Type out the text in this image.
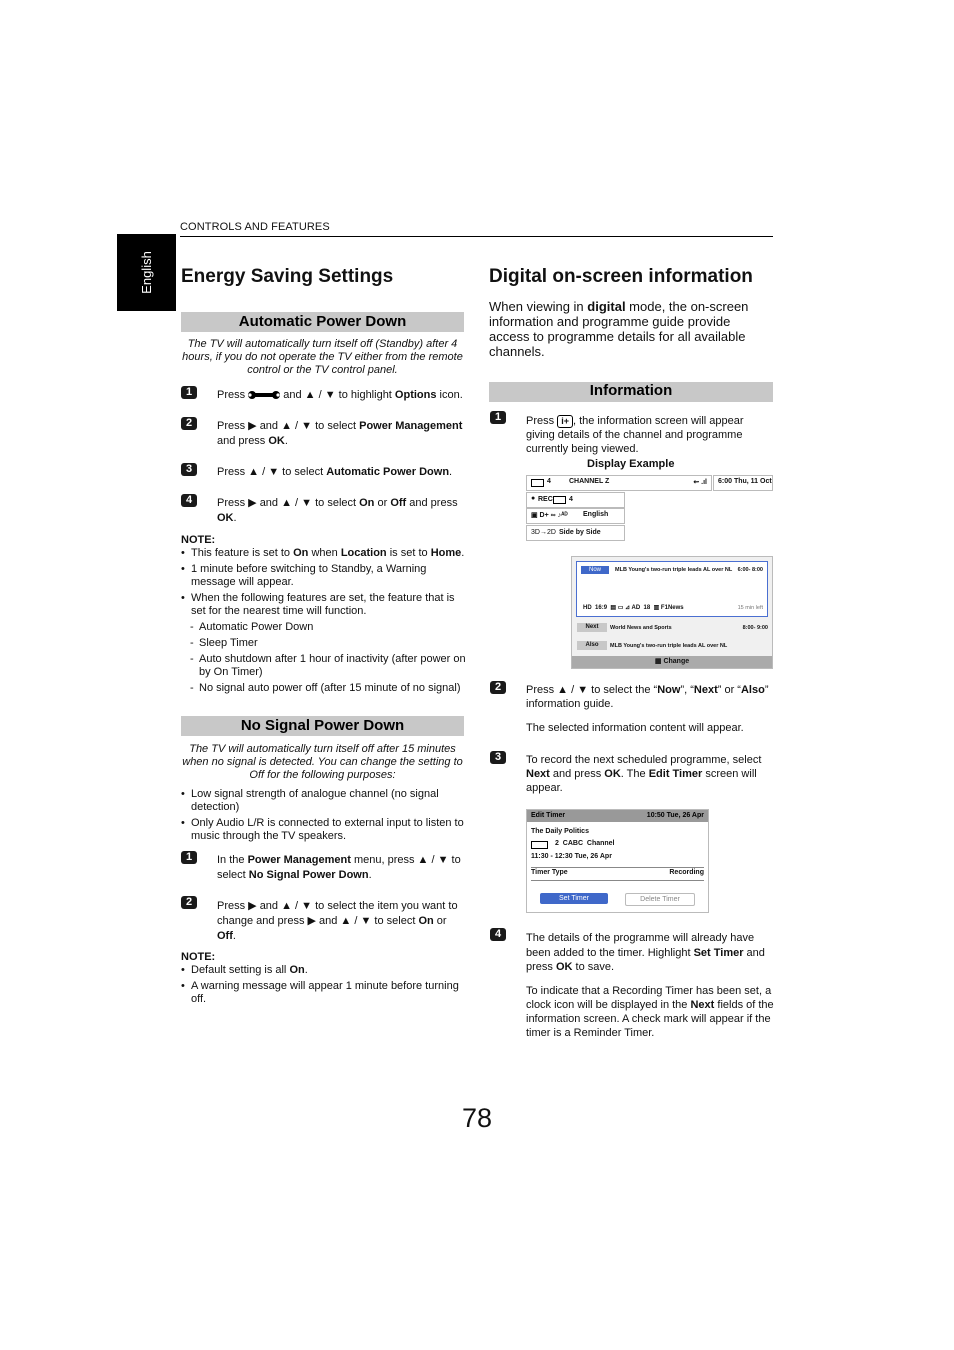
CONTROLS AND FEATURES
English	Energy Saving Settings
Automatic Power Down
The TV will automatically turn itself off (Standby) after 4 hours, if you do not operate the TV either from the remote control or the TV control panel.
1	Press	and ▲ / ▼ to highlight Options icon.
2	Press ▶ and ▲ / ▼ to select Power Management and press OK.
3	Press ▲ / ▼ to select Automatic Power Down.
4	Press ▶ and ▲ / ▼ to select On or Off and press OK.
NOTE:
• This feature is set to On when Location is set to Home.
• 1 minute before switching to Standby, a Warning message will appear.
• When the following features are set, the feature that is set for the nearest time will function.
- Automatic Power Down
- Sleep Timer
- Auto shutdown after 1 hour of inactivity (after power on by On Timer)
- No signal auto power off (after 15 minute of no signal)
No Signal Power Down
The TV will automatically turn itself off after 15 minutes when no signal is detected. You can change the setting to Off for the following purposes:
• Low signal strength of analogue channel (no signal detection)
• Only Audio L/R is connected to external input to listen to music through the TV speakers.
1	In the Power Management menu, press ▲ / ▼ to select No Signal Power Down.
2	Press ▶ and ▲ / ▼ to select the item you want to change and press ▶ and ▲ / ▼ to select On or Off.
NOTE:
• Default setting is all On.
• A warning message will appear 1 minute before turning off.
Digital on-screen information
When viewing in digital mode, the on-screen information and programme guide provide access to programme details for all available channels.
Information
1	Press i+ , the information screen will appear giving details of the channel and programme currently being viewed.
Display Example
4	CHANNEL Z	⇜ .ıl 6:00 Thu, 11 Oct
● REC 4
▣ D+ ∞ ♪ᴬᴰ English
3D→2D Side by Side
Now	MLB Young's two-run triple leads AL over NL 6:00- 8:00
HD 16:9 ▤ ▭ ⊿ AD 18 ▥ F1News	15 min left
Next	World News and Sports	8:00- 9:00
Also	MLB Young's two-run triple leads AL over NL
▦ Change
2	Press ▲ / ▼ to select the “Now”, “Next” or “Also” information guide.
The selected information content will appear.
3	To record the next scheduled programme, select Next and press OK. The Edit Timer screen will appear.
Edit Timer	10:50 Tue, 26 Apr
The Daily Politics
2  CABC  Channel
11:30 - 12:30 Tue, 26 Apr
Timer Type	Recording
Set Timer	Delete Timer
4	The details of the programme will already have been added to the timer. Highlight Set Timer and press OK to save.
To indicate that a Recording Timer has been set, a clock icon will be displayed in the Next fields of the information screen. A check mark will appear if the timer is a Reminder Timer.
78
